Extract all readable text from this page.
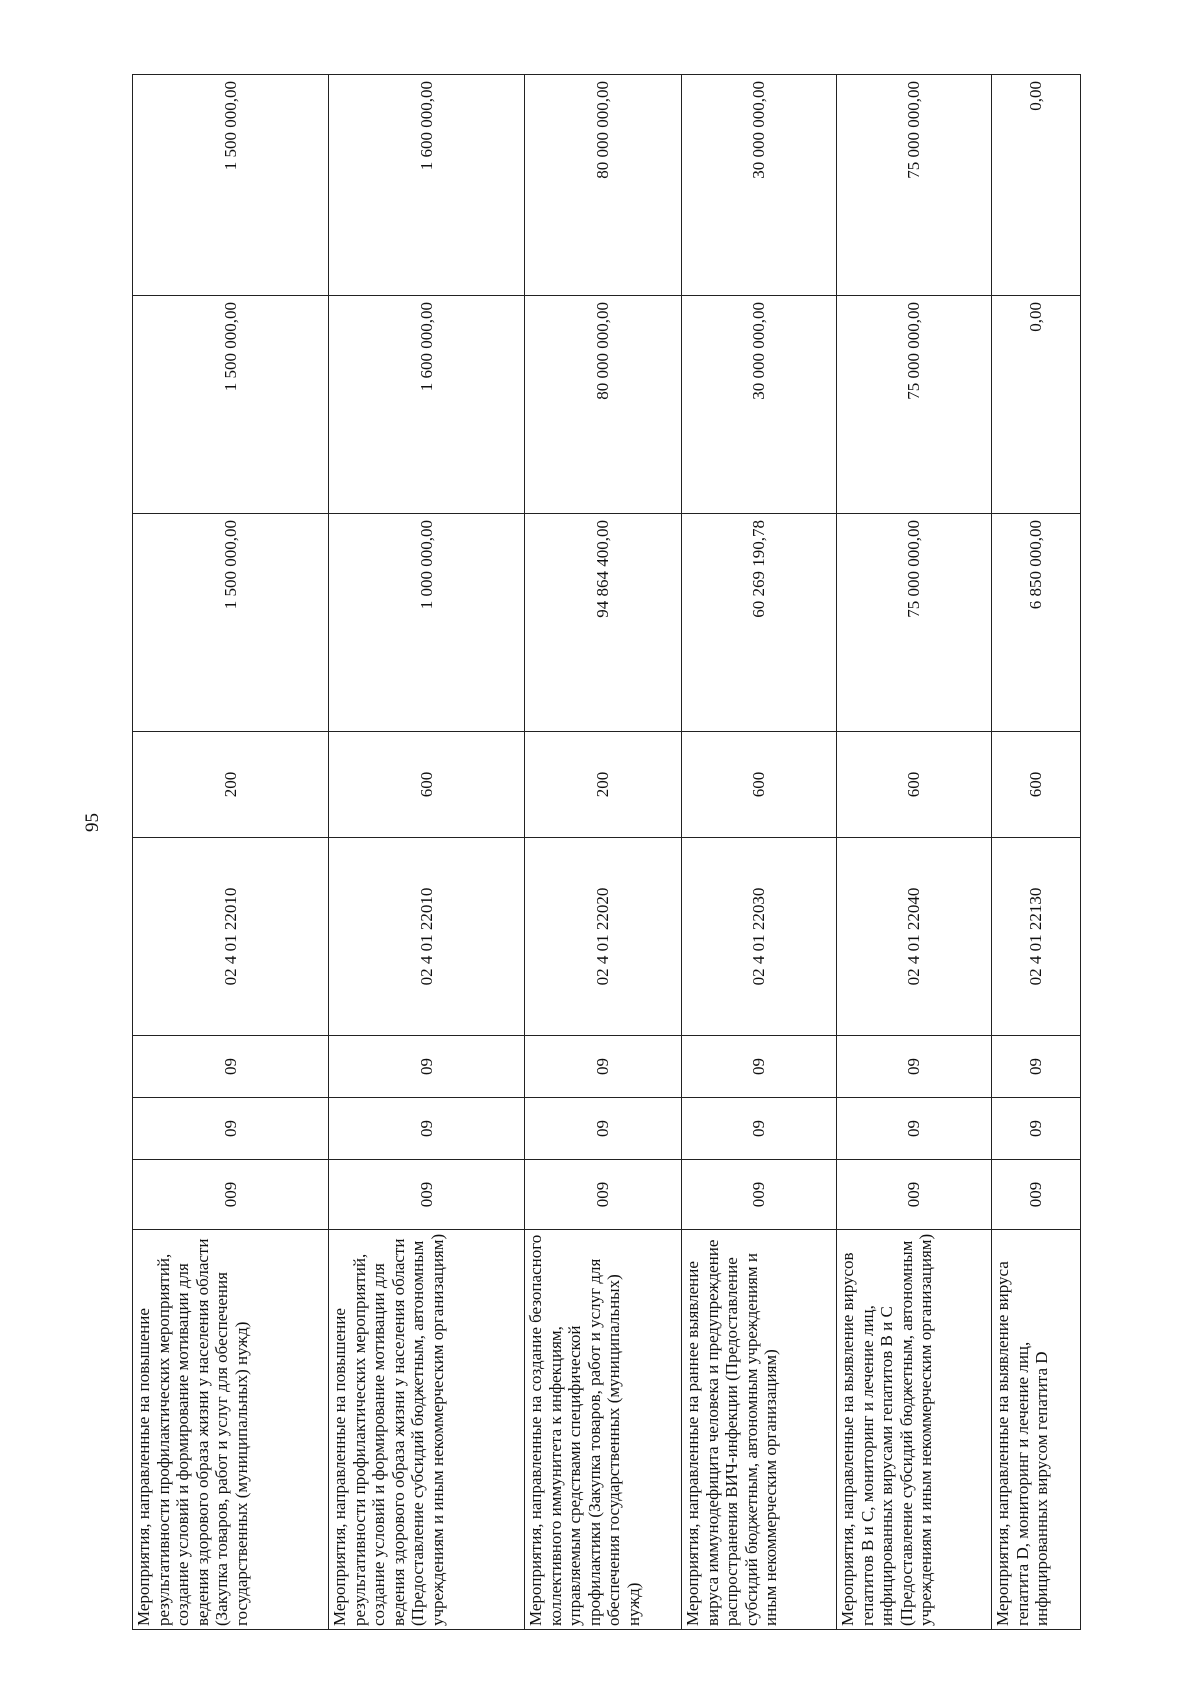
95
Мероприятия, направленные на повышение результативности профилактических мероприятий, создание условий и формирование мотивации для ведения здорового образа жизни у населения области (Закупка товаров, работ и услуг для обеспечения государственных (муниципальных) нужд)	009	09	09	02 4 01 22010	200	1 500 000,00	1 500 000,00	1 500 000,00

Мероприятия, направленные на повышение результативности профилактических мероприятий, создание условий и формирование мотивации для ведения здорового образа жизни у населения области (Предоставление субсидий бюджетным, автономным учреждениям и иным некоммерческим организациям)	009	09	09	02 4 01 22010	600	1 000 000,00	1 600 000,00	1 600 000,00

Мероприятия, направленные на создание безопасного коллективного иммунитета к инфекциям, управляемым средствами специфической профилактики (Закупка товаров, работ и услуг для обеспечения государственных (муниципальных) нужд)	009	09	09	02 4 01 22020	200	94 864 400,00	80 000 000,00	80 000 000,00

Мероприятия, направленные на раннее выявление вируса иммунодефицита человека и предупреждение распространения ВИЧ-инфекции (Предоставление субсидий бюджетным, автономным учреждениям и иным некоммерческим организациям)	009	09	09	02 4 01 22030	600	60 269 190,78	30 000 000,00	30 000 000,00

Мероприятия, направленные на выявление вирусов гепатитов В и С, мониторинг и лечение лиц, инфицированных вирусами гепатитов В и С (Предоставление субсидий бюджетным, автономным учреждениям и иным некоммерческим организациям)	009	09	09	02 4 01 22040	600	75 000 000,00	75 000 000,00	75 000 000,00

Мероприятия, направленные на выявление вируса гепатита D, мониторинг и лечение лиц, инфицированных вирусом гепатита D	009	09	09	02 4 01 22130	600	6 850 000,00	0,00	0,00
